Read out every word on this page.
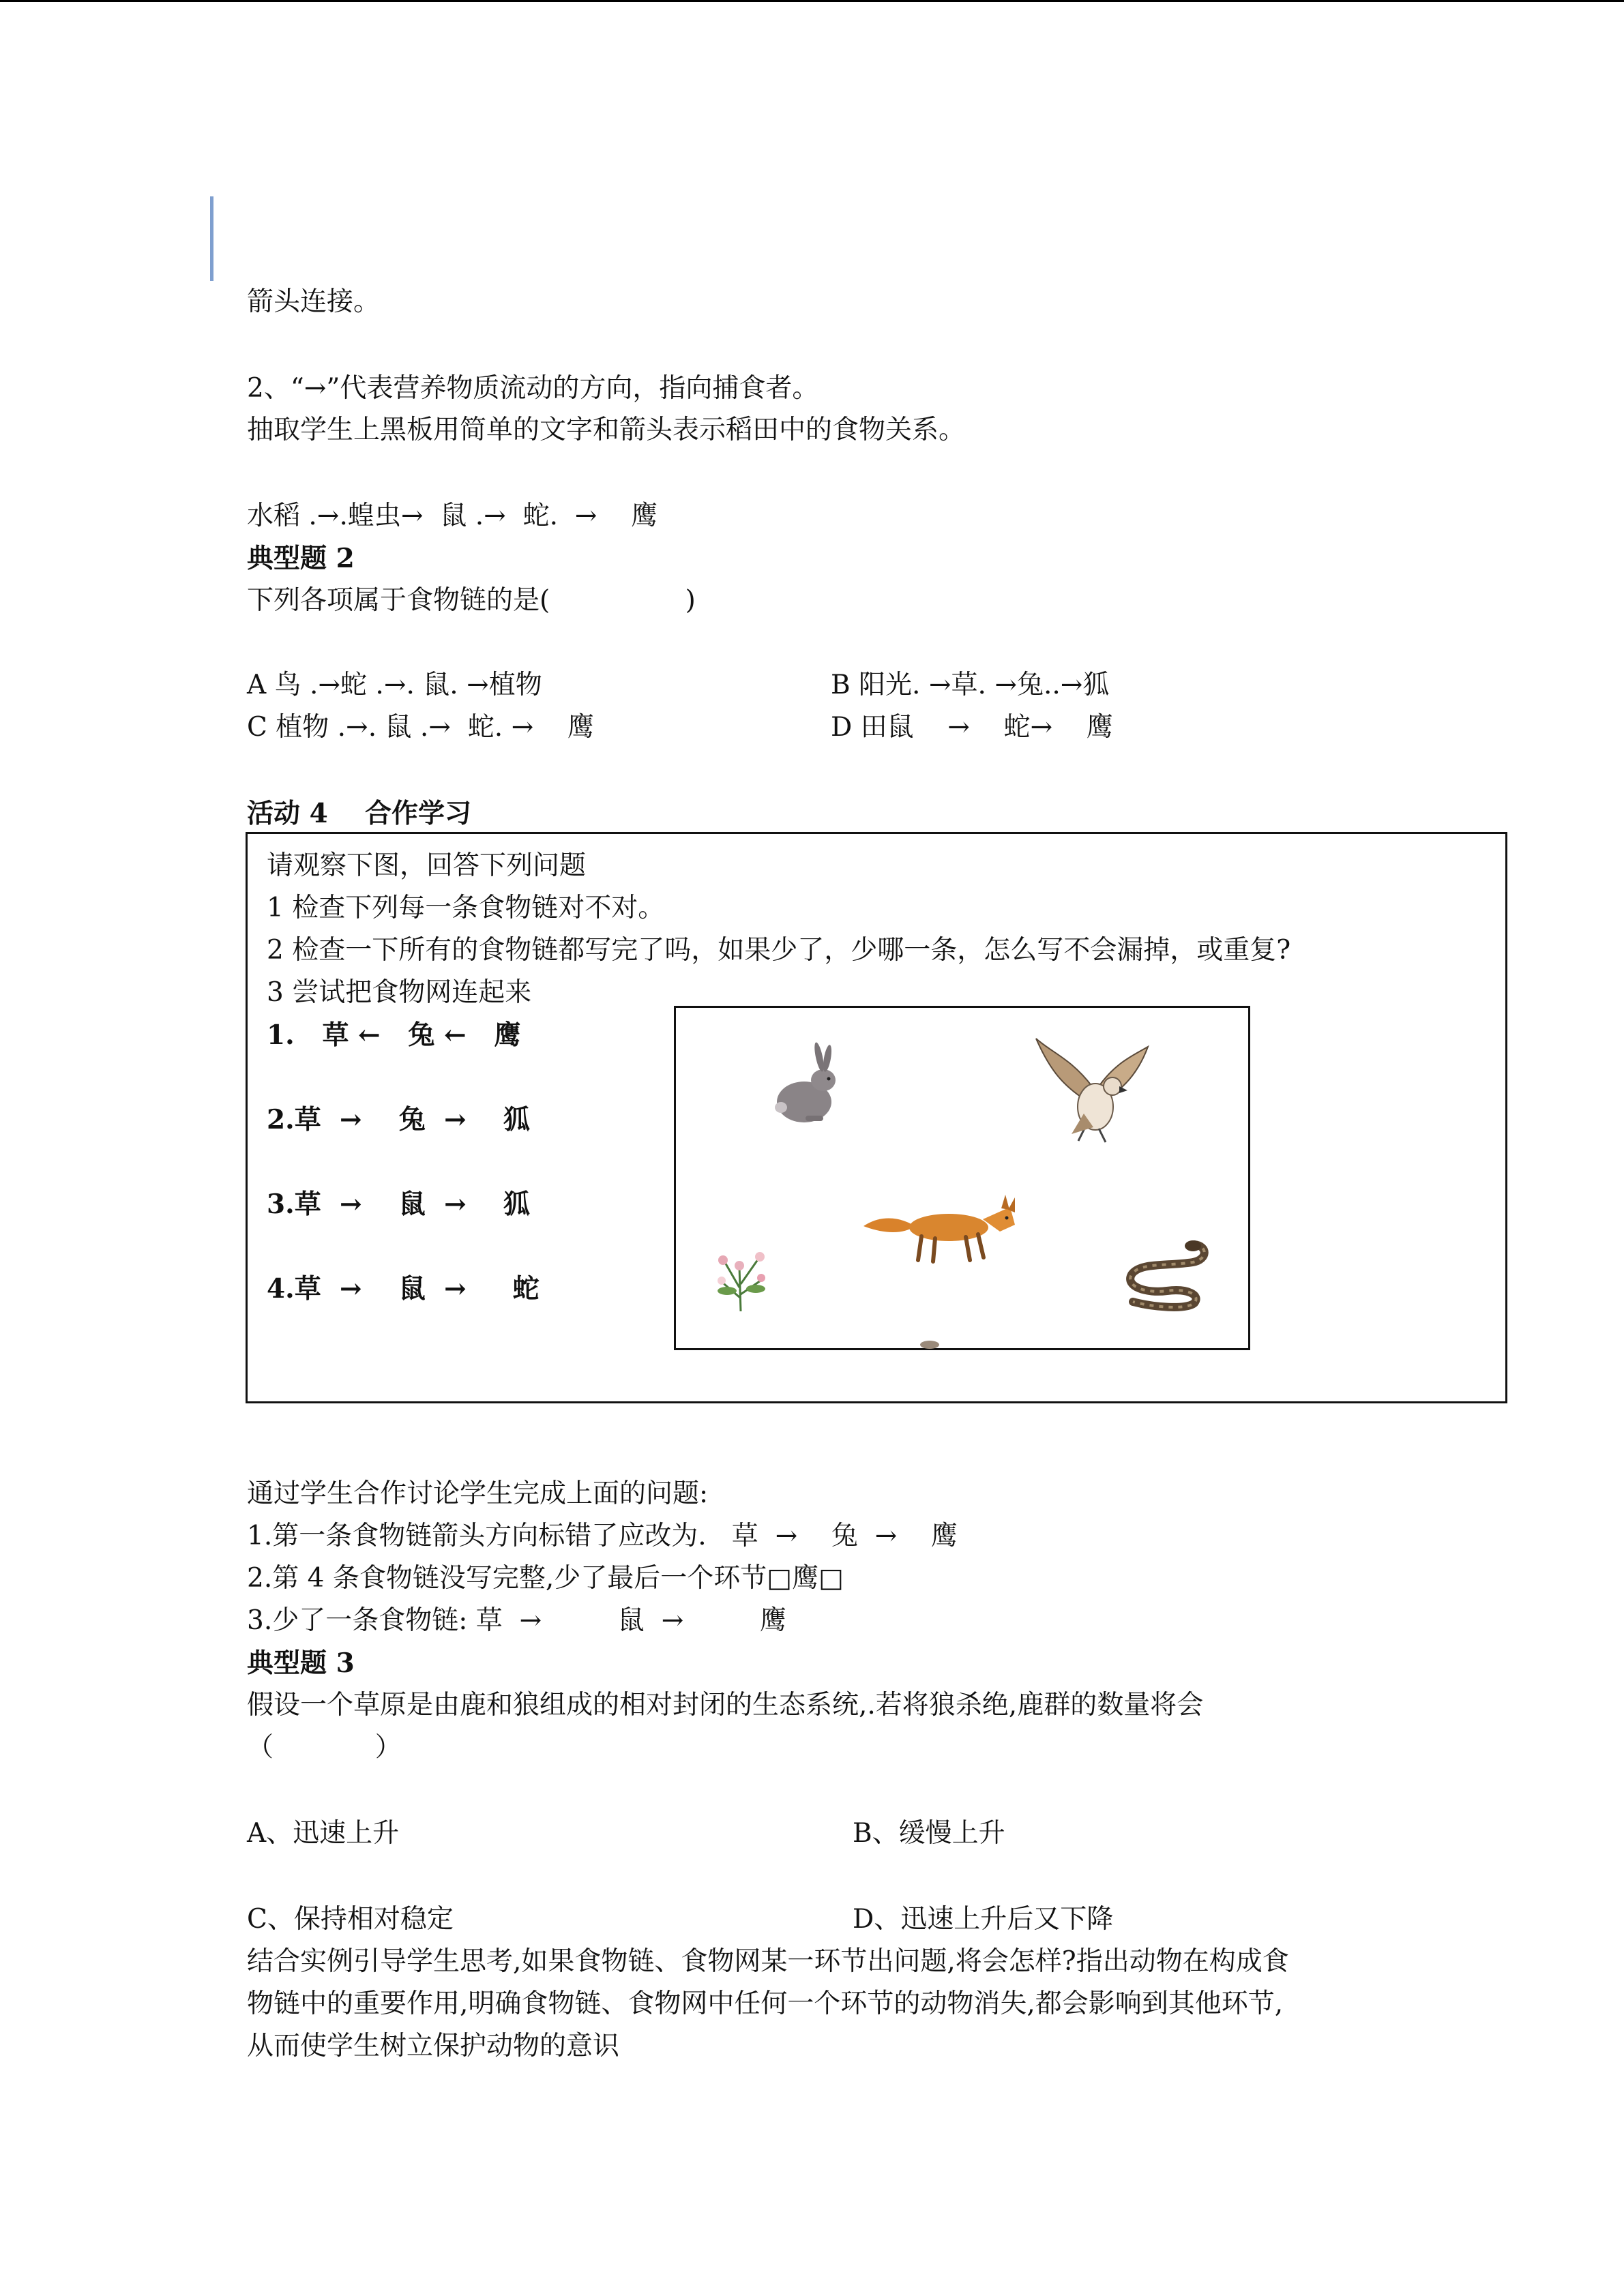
箭头连接。
2、“→”代表营养物质流动的方向，指向捕食者。
抽取学生上黑板用简单的文字和箭头表示稻田中的食物关系。
水稻 .→.蝗虫→  鼠 .→  蛇.  →    鹰
典型题 2
下列各项属于食物链的是(                )
A 鸟 .→蛇 .→. 鼠. →植物	B 阳光. →草. →兔..→狐
C 植物 .→. 鼠 .→  蛇. →    鹰	D 田鼠    →    蛇→    鹰
活动 4    合作学习
请观察下图，回答下列问题
1 检查下列每一条食物链对不对。
2 检查一下所有的食物链都写完了吗，如果少了，少哪一条，怎么写不会漏掉，或重复?
3 尝试把食物网连起来
1.   草 ←   兔 ←   鹰
2.草  →    兔  →    狐
3.草  →    鼠  →    狐
4.草  →    鼠  →     蛇
通过学生合作讨论学生完成上面的问题:
1.第一条食物链箭头方向标错了应改为.   草  →    兔  →    鹰
2.第 4 条食物链没写完整,少了最后一个环节□鹰□
3.少了一条食物链: 草  →         鼠  →         鹰
典型题 3
假设一个草原是由鹿和狼组成的相对封闭的生态系统,.若将狼杀绝,鹿群的数量将会
（            ）
A、迅速上升	B、缓慢上升
C、保持相对稳定	D、迅速上升后又下降
结合实例引导学生思考,如果食物链、食物网某一环节出问题,将会怎样?指出动物在构成食
物链中的重要作用,明确食物链、食物网中任何一个环节的动物消失,都会影响到其他环节,
从而使学生树立保护动物的意识
